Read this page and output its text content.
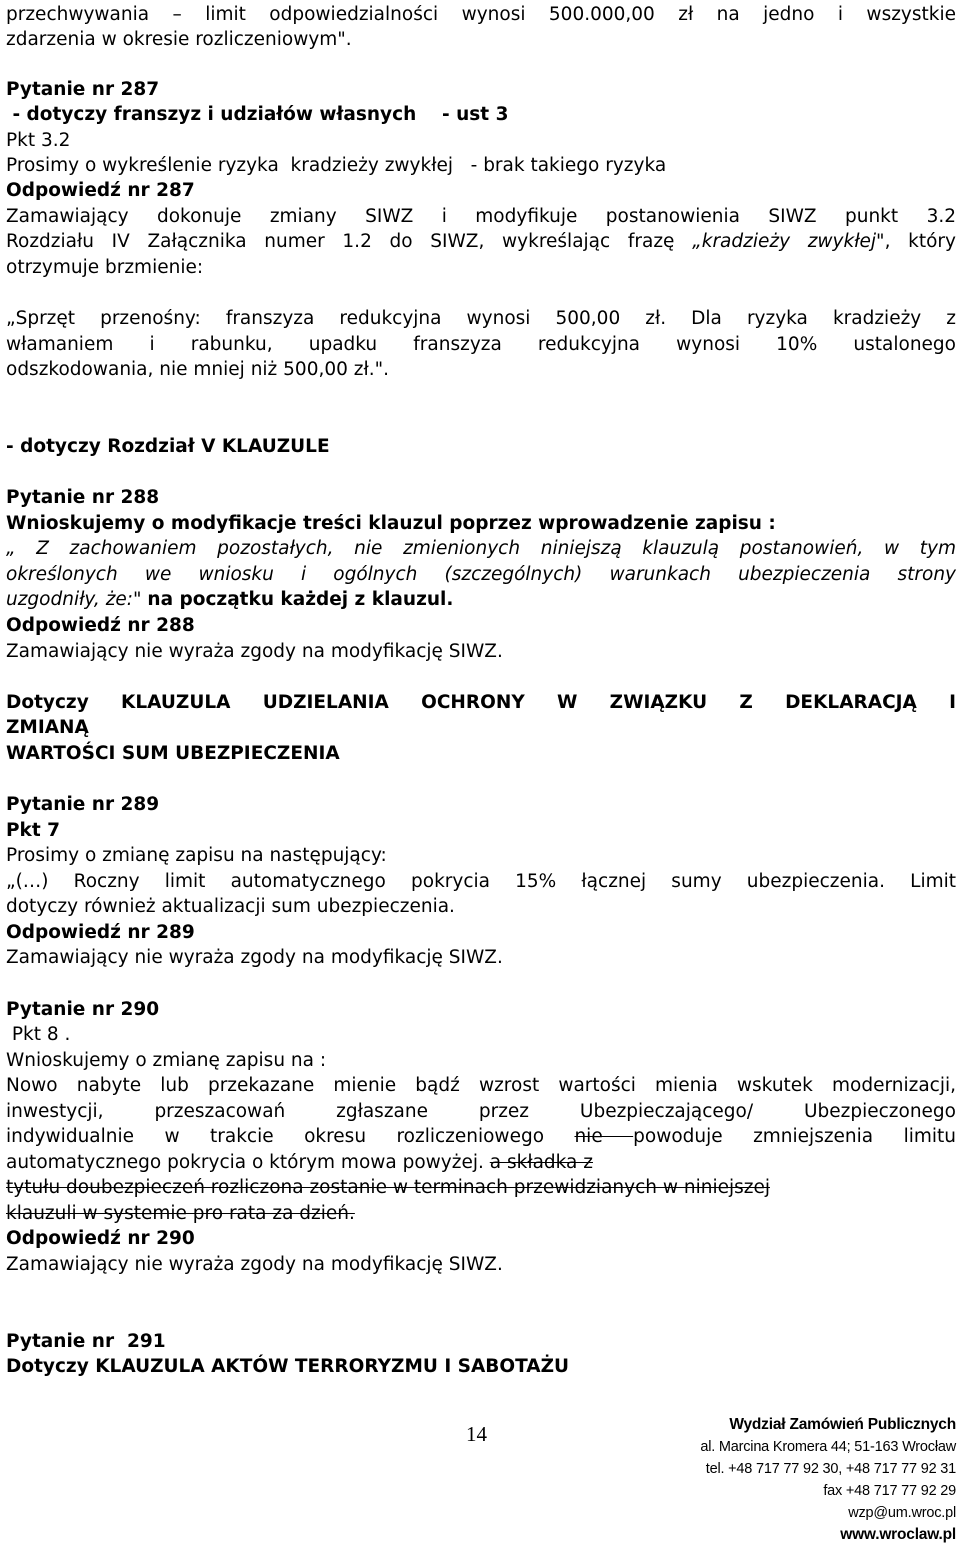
przechwywania – limit odpowiedzialności wynosi 500.000,00 zł na jedno i wszystkie
zdarzenia w okresie rozliczeniowym".
Pytanie nr 287
- dotyczy franszyz i udziałów własnych    - ust 3
Pkt 3.2
Prosimy o wykreślenie ryzyka  kradzieży zwykłej   - brak takiego ryzyka
Odpowiedź nr 287
Zamawiający dokonuje zmiany SIWZ i modyfikuje postanowienia SIWZ punkt 3.2
Rozdziału IV Załącznika numer 1.2 do SIWZ, wykreślając frazę „kradzieży zwykłej", który
otrzymuje brzmienie:
„Sprzęt przenośny: franszyza redukcyjna wynosi 500,00 zł. Dla ryzyka kradzieży z
włamaniem i rabunku, upadku franszyza redukcyjna wynosi 10% ustalonego
odszkodowania, nie mniej niż 500,00 zł.".
- dotyczy Rozdział V KLAUZULE
Pytanie nr 288
Wnioskujemy o modyfikacje treści klauzul poprzez wprowadzenie zapisu :
„ Z zachowaniem pozostałych, nie zmienionych niniejszą klauzulą postanowień, w tym
określonych we wniosku i ogólnych (szczególnych) warunkach ubezpieczenia strony
uzgodniły, że:" na początku każdej z klauzul.
Odpowiedź nr 288
Zamawiający nie wyraża zgody na modyfikację SIWZ.
Dotyczy KLAUZULA UDZIELANIA OCHRONY W ZWIĄZKU Z DEKLARACJĄ I
ZMIANĄ
WARTOŚCI SUM UBEZPIECZENIA
Pytanie nr 289
Pkt 7
Prosimy o zmianę zapisu na następujący:
„(…) Roczny limit automatycznego pokrycia 15% łącznej sumy ubezpieczenia. Limit
dotyczy również aktualizacji sum ubezpieczenia.
Odpowiedź nr 289
Zamawiający nie wyraża zgody na modyfikację SIWZ.
Pytanie nr 290
Pkt 8 .
Wnioskujemy o zmianę zapisu na :
Nowo nabyte lub przekazane mienie bądź wzrost wartości mienia wskutek modernizacji,
inwestycji, przeszacowań zgłaszane przez Ubezpieczającego/ Ubezpieczonego
indywidualnie w trakcie okresu rozliczeniowego nie powoduje zmniejszenia limitu
automatycznego pokrycia o którym mowa powyżej. a składka z
tytułu doubezpieczeń rozliczona zostanie w terminach przewidzianych w niniejszej
klauzuli w systemie pro rata za dzień.
Odpowiedź nr 290
Zamawiający nie wyraża zgody na modyfikację SIWZ.
Pytanie nr  291
Dotyczy KLAUZULA AKTÓW TERRORYZMU I SABOTAŻU
14	Wydział Zamówień Publicznych
al. Marcina Kromera 44; 51-163 Wrocław
tel. +48 717 77 92 30, +48 717 77 92 31
fax +48 717 77 92 29
wzp@um.wroc.pl
www.wroclaw.pl
